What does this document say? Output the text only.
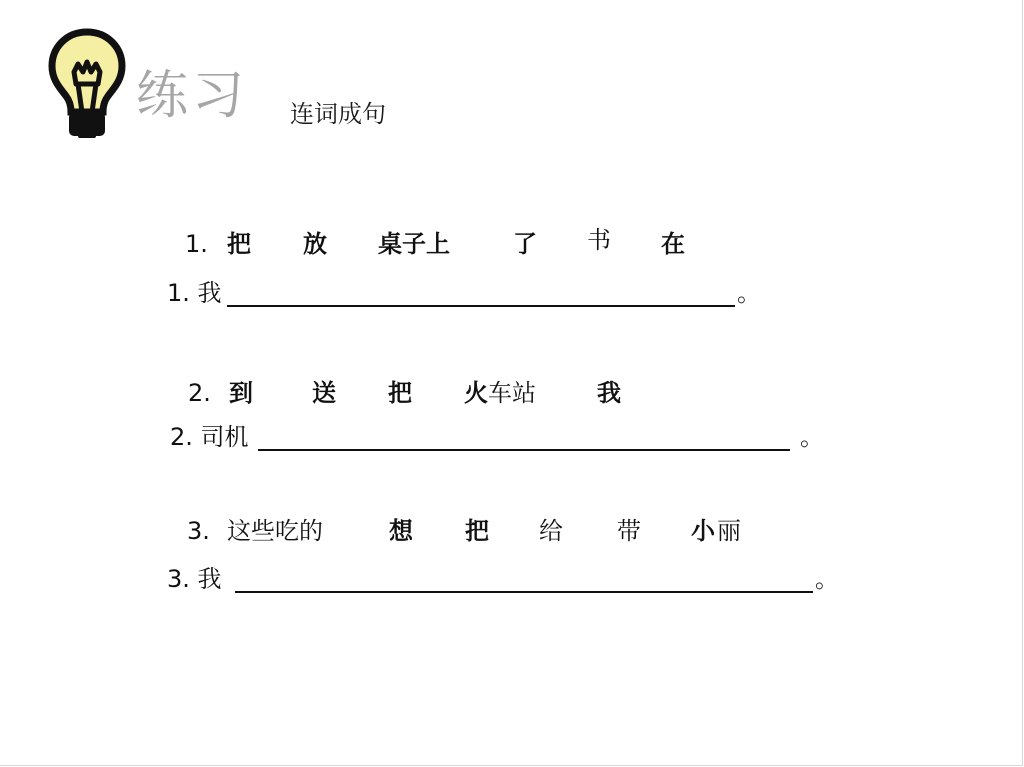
练习 连词成句
1. 把 放 桌子上	了 书 在
1. 我	。
2. 到 送 把 火 车站	我
2. 司机	。
3. 这些吃的	想 把 给 带 小 丽
3. 我	。
